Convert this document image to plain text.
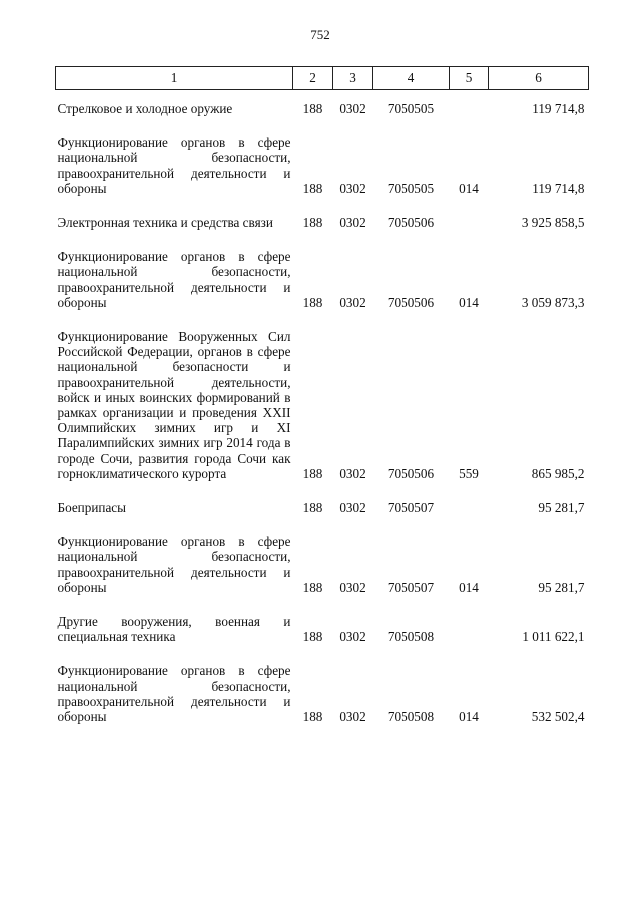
752
1	2	3	4	5	6
Стрелковое и холодное оружие	188	0302	7050505		119 714,8
Функционирование органов в сфере национальной безопасности, правоохранительной деятельности и обороны	188	0302	7050505	014	119 714,8
Электронная техника и средства связи	188	0302	7050506		3 925 858,5
Функционирование органов в сфере национальной безопасности, правоохранительной деятельности и обороны	188	0302	7050506	014	3 059 873,3
Функционирование Вооруженных Сил Российской Федерации, органов в сфере национальной безопасности и правоохранительной деятельности, войск и иных воинских формирований в рамках организации и проведения XXII Олимпийских зимних игр и XI Паралимпийских зимних игр 2014 года в городе Сочи, развития города Сочи как горноклиматического курорта	188	0302	7050506	559	865 985,2
Боеприпасы	188	0302	7050507		95 281,7
Функционирование органов в сфере национальной безопасности, правоохранительной деятельности и обороны	188	0302	7050507	014	95 281,7
Другие вооружения, военная и специальная техника	188	0302	7050508		1 011 622,1
Функционирование органов в сфере национальной безопасности, правоохранительной деятельности и обороны	188	0302	7050508	014	532 502,4
